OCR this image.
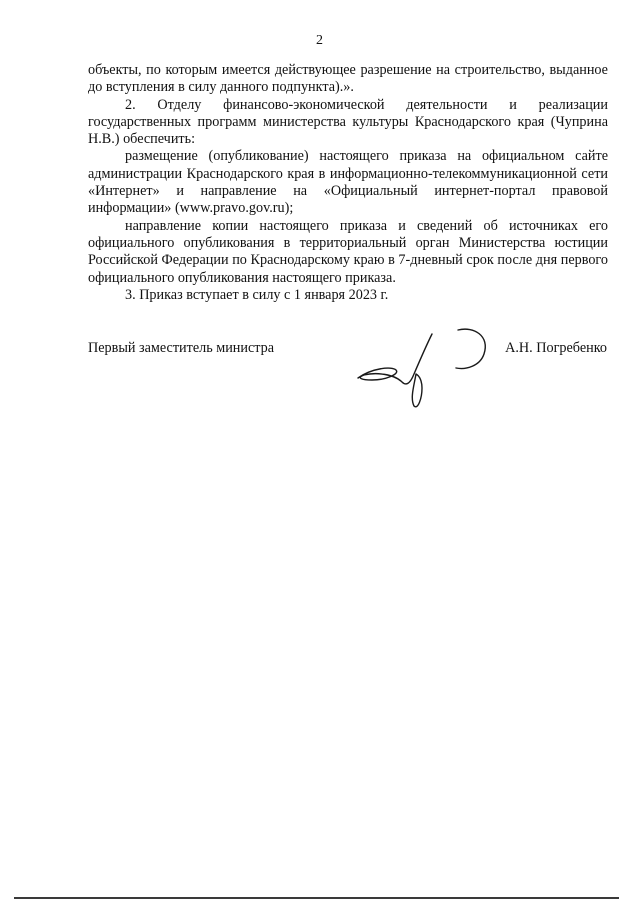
2

объекты, по которым имеется действующее разрешение на строительство, выданное до вступления в силу данного подпункта).».

2. Отделу финансово-экономической деятельности и реализации государственных программ министерства культуры Краснодарского края (Чуприна Н.В.) обеспечить:

размещение (опубликование) настоящего приказа на официальном сайте администрации Краснодарского края в информационно-телекоммуникационной сети «Интернет» и направление на «Официальный интернет-портал правовой информации» (www.pravo.gov.ru);

направление копии настоящего приказа и сведений об источниках его официального опубликования в территориальный орган Министерства юстиции Российской Федерации по Краснодарскому краю в 7-дневный срок после дня первого официального опубликования настоящего приказа.

3. Приказ вступает в силу с 1 января 2023 г.

Первый заместитель министра	А.Н. Погребенко
